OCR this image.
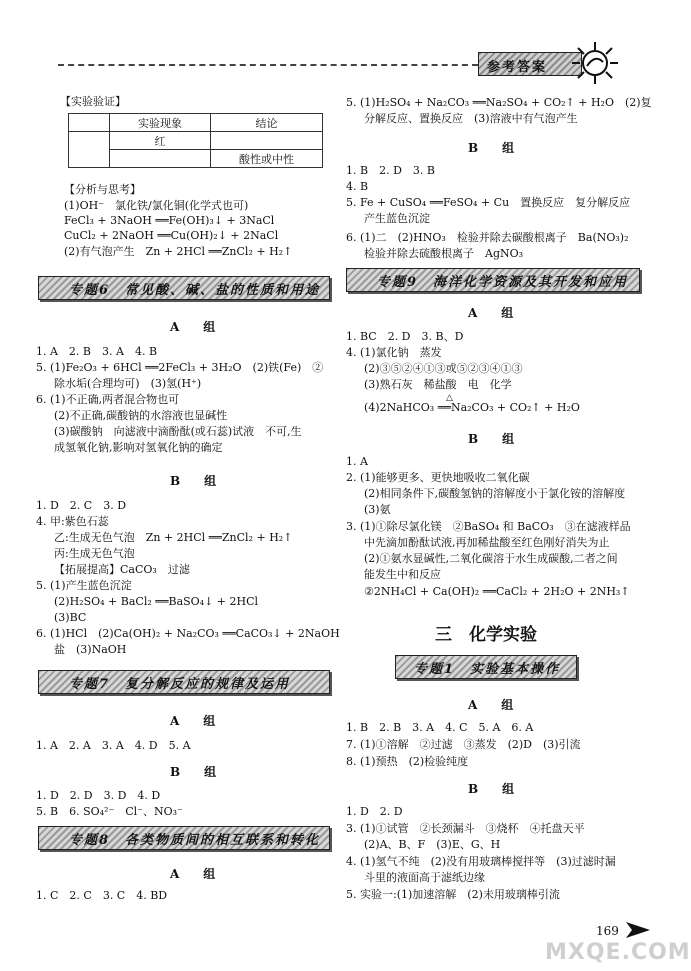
参考答案
【实验验证】
	实验现象	结论
	红	
		酸性或中性
【分析与思考】
(1)OH⁻　氯化铁/氯化铜(化学式也可)
FeCl₃ + 3NaOH ══Fe(OH)₃↓ + 3NaCl
CuCl₂ + 2NaOH ══Cu(OH)₂↓ + 2NaCl
(2)有气泡产生　Zn + 2HCl ══ZnCl₂ + H₂↑
专题6　常见酸、碱、盐的性质和用途
A　组
1. A　2. B　3. A　4. B
5. (1)Fe₂O₃ + 6HCl ══2FeCl₃ + 3H₂O　(2)铁(Fe)　②
除水垢(合理均可)　(3)氢(H⁺)
6. (1)不正确,两者混合物也可
(2)不正确,碳酸钠的水溶液也显碱性
(3)碳酸钠　向滤液中滴酚酞(或石蕊)试液　不可,生
成氢氧化钠,影响对氢氧化钠的确定
B　组
1. D　2. C　3. D
4. 甲:紫色石蕊
乙:生成无色气泡　Zn + 2HCl ══ZnCl₂ + H₂↑
丙:生成无色气泡
【拓展提高】CaCO₃　过滤
5. (1)产生蓝色沉淀
(2)H₂SO₄ + BaCl₂ ══BaSO₄↓ + 2HCl
(3)BC
6. (1)HCl　(2)Ca(OH)₂ + Na₂CO₃ ══CaCO₃↓ + 2NaOH
盐　(3)NaOH
专题7　复分解反应的规律及运用
A　组
1. A　2. A　3. A　4. D　5. A
B　组
1. D　2. D　3. D　4. D
5. B　6. SO₄²⁻　Cl⁻、NO₃⁻
专题8　各类物质间的相互联系和转化
A　组
1. C　2. C　3. C　4. BD
5. (1)H₂SO₄ + Na₂CO₃ ══Na₂SO₄ + CO₂↑ + H₂O　(2)复
分解反应、置换反应　(3)溶液中有气泡产生
B　组
1. B　2. D　3. B
4. B
5. Fe + CuSO₄ ══FeSO₄ + Cu　置换反应　复分解反应
产生蓝色沉淀
6. (1)二　(2)HNO₃　检验并除去碳酸根离子　Ba(NO₃)₂
检验并除去硫酸根离子　AgNO₃
专题9　海洋化学资源及其开发和应用
A　组
1. BC　2. D　3. B、D
4. (1)氯化钠　蒸发
(2)③⑤②④①③或⑤②③④①③
(3)熟石灰　稀盐酸　电　化学
△
(4)2NaHCO₃ ══Na₂CO₃ + CO₂↑ + H₂O
B　组
1. A
2. (1)能够更多、更快地吸收二氧化碳
(2)相同条件下,碳酸氢钠的溶解度小于氯化铵的溶解度
(3)氨
3. (1)①除尽氯化镁　②BaSO₄ 和 BaCO₃　③在滤液样品
中先滴加酚酞试液,再加稀盐酸至红色刚好消失为止
(2)①氨水显碱性,二氧化碳溶于水生成碳酸,二者之间
能发生中和反应
②2NH₄Cl + Ca(OH)₂ ══CaCl₂ + 2H₂O + 2NH₃↑
三　化学实验
专题1　实验基本操作
A　组
1. B　2. B　3. A　4. C　5. A　6. A
7. (1)①溶解　②过滤　③蒸发　(2)D　(3)引流
8. (1)预热　(2)检验纯度
B　组
1. D　2. D
3. (1)①试管　②长颈漏斗　③烧杯　④托盘天平
(2)A、B、F　(3)E、G、H
4. (1)氢气不纯　(2)没有用玻璃棒搅拌等　(3)过滤时漏
斗里的液面高于滤纸边缘
5. 实验一:(1)加速溶解　(2)未用玻璃棒引流
169
MXQE.COM
